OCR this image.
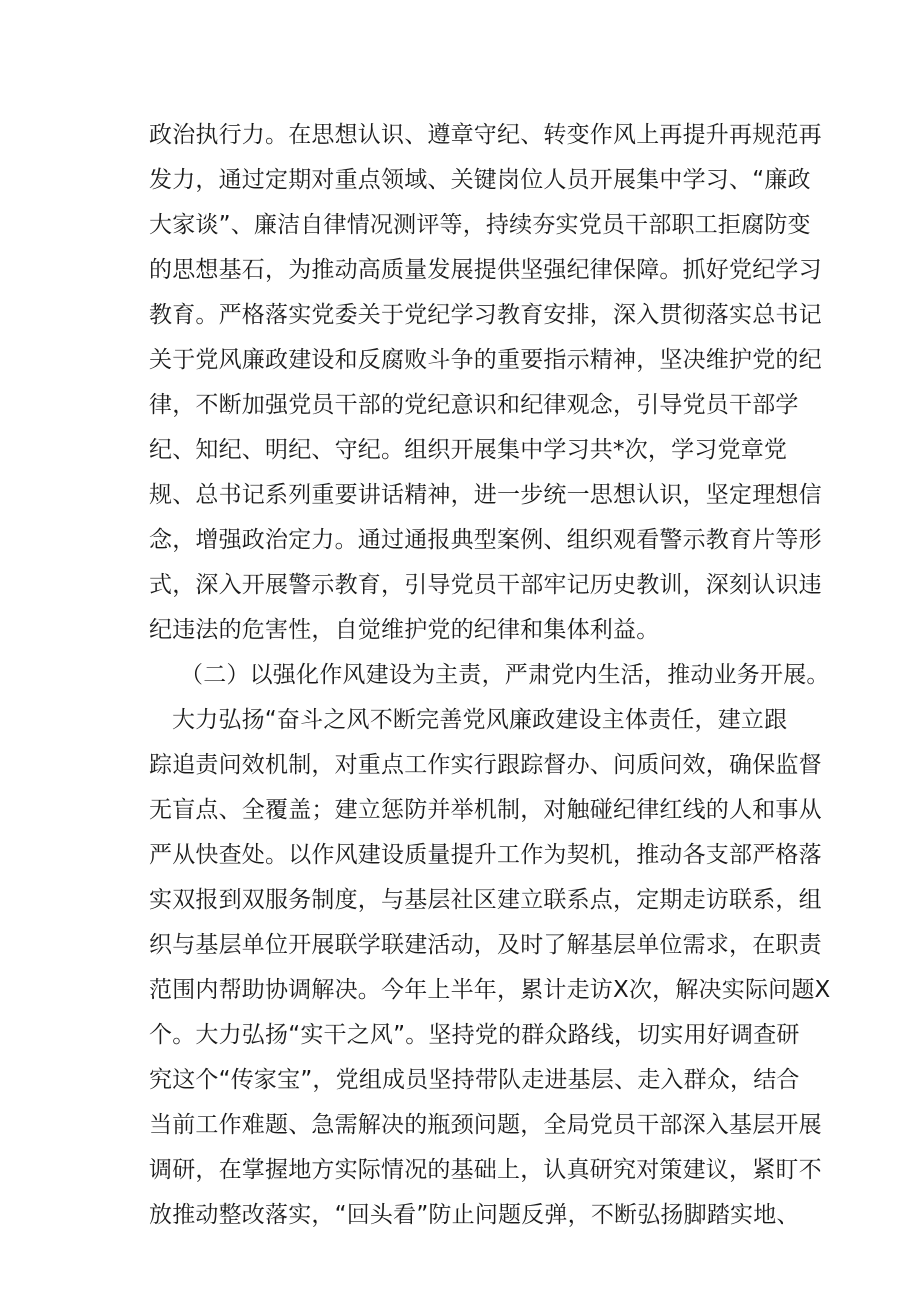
政治执行力。在思想认识、遵章守纪、转变作风上再提升再规范再
发力，通过定期对重点领域、关键岗位人员开展集中学习、“廉政
大家谈”、廉洁自律情况测评等，持续夯实党员干部职工拒腐防变
的思想基石，为推动高质量发展提供坚强纪律保障。抓好党纪学习
教育。严格落实党委关于党纪学习教育安排，深入贯彻落实总书记
关于党风廉政建设和反腐败斗争的重要指示精神，坚决维护党的纪
律，不断加强党员干部的党纪意识和纪律观念，引导党员干部学
纪、知纪、明纪、守纪。组织开展集中学习共*次，学习党章党
规、总书记系列重要讲话精神，进一步统一思想认识，坚定理想信
念，增强政治定力。通过通报典型案例、组织观看警示教育片等形
式，深入开展警示教育，引导党员干部牢记历史教训，深刻认识违
纪违法的危害性，自觉维护党的纪律和集体利益。
（二）以强化作风建设为主责，严肃党内生活，推动业务开展。
大力弘扬“奋斗之风不断完善党风廉政建设主体责任，建立跟
踪追责问效机制，对重点工作实行跟踪督办、问质问效，确保监督
无盲点、全覆盖；建立惩防并举机制，对触碰纪律红线的人和事从
严从快查处。以作风建设质量提升工作为契机，推动各支部严格落
实双报到双服务制度，与基层社区建立联系点，定期走访联系，组
织与基层单位开展联学联建活动，及时了解基层单位需求，在职责
范围内帮助协调解决。今年上半年，累计走访X次，解决实际问题X
个。大力弘扬“实干之风”。坚持党的群众路线，切实用好调查研
究这个“传家宝”，党组成员坚持带队走进基层、走入群众，结合
当前工作难题、急需解决的瓶颈问题，全局党员干部深入基层开展
调研，在掌握地方实际情况的基础上，认真研究对策建议，紧盯不
放推动整改落实，“回头看”防止问题反弹，不断弘扬脚踏实地、
